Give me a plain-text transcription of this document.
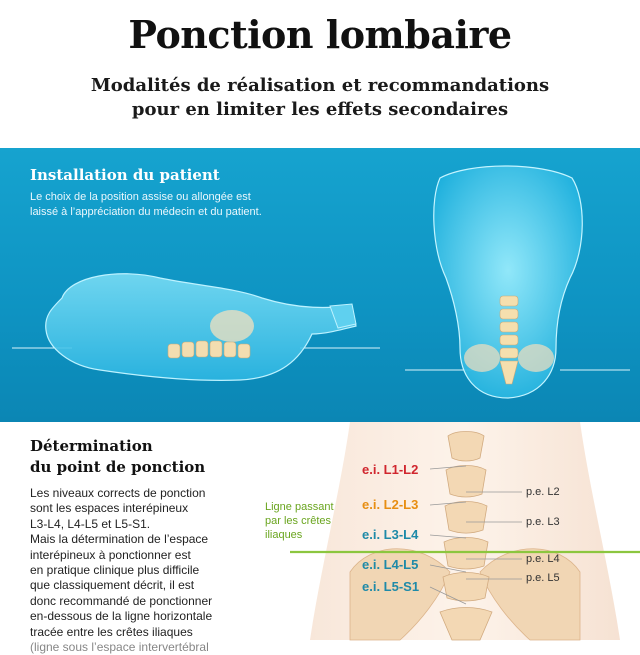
Ponction lombaire
Modalités de réalisation et recommandations
pour en limiter les effets secondaires
Installation du patient
Le choix de la position assise ou allongée est
laissé à l’appréciation du médecin et du patient.
Détermination
du point de ponction
Les niveaux corrects de ponction
sont les espaces interépineux
L3-L4, L4-L5 et L5-S1.
Mais la détermination de l’espace
interépineux à ponctionner est
en pratique clinique plus difficile
que classiquement décrit, il est
donc recommandé de ponctionner
en-dessous de la ligne horizontale
tracée entre les crêtes iliaques
(ligne sous l’espace intervertébral
e.i. L1-L2
e.i. L2-L3
e.i. L3-L4
e.i. L4-L5
e.i. L5-S1
p.e. L2
p.e. L3
p.e. L4
p.e. L5
Ligne passant
par les crêtes
iliaques
